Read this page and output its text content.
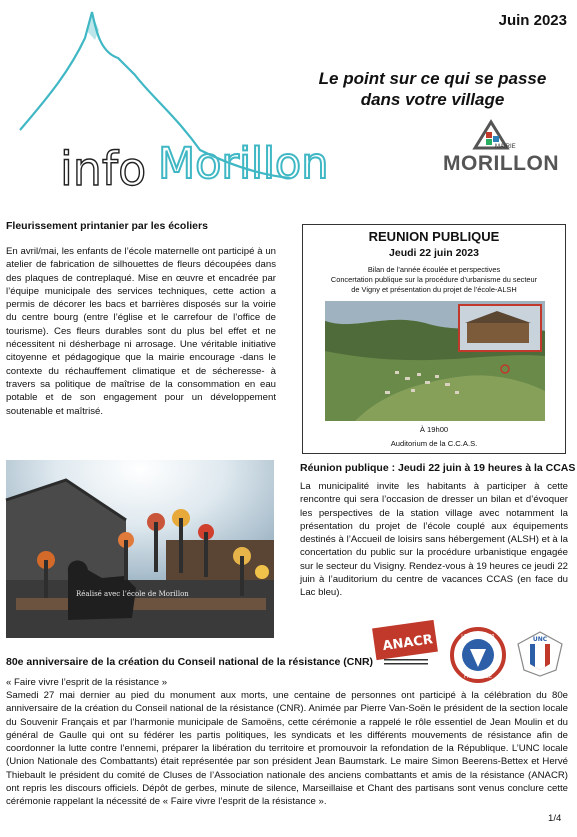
info Morillon
Juin 2023
Le point sur ce qui se passe dans votre village
MAIRIE
MORILLON
Fleurissement printanier par les écoliers

En avril/mai, les enfants de l’école maternelle ont participé à un atelier de fabrication de silhouettes de fleurs découpées dans des plaques de contreplaqué. Mise en œuvre et encadrée par l’équipe municipale des services techniques, cette action a permis de décorer les bacs et barrières disposés sur la voirie du centre bourg (entre l’église et le carrefour de l’office de tourisme). Ces fleurs durables sont du plus bel effet et ne nécessitent ni désherbage ni arrosage. Une véritable initiative citoyenne et pédagogique que la mairie encourage -dans le contexte du réchauffement climatique et de sécheresse- à travers sa politique de maîtrise de la consommation en eau potable et de son engagement pour un développement soutenable et maîtrisé.

Réalisé avec l’école de Morillon
REUNION PUBLIQUE
Jeudi 22 juin 2023
Bilan de l’année écoulée et perspectives
Concertation publique sur la procédure d’urbanisme du secteur
de Vigny et présentation du projet de l’école-ALSH
À 19h00
Auditorium de la C.C.A.S.
Réunion publique : Jeudi 22 juin à 19 heures à la CCAS

La municipalité invite les habitants à participer à cette rencontre qui sera l’occasion de dresser un bilan et d’évoquer les perspectives de la station village avec notamment la présentation du projet de l’école couplé aux équipements destinés à l’Accueil de loisirs sans hébergement (ALSH) et à la concertation du public sur la procédure urbanistique engagée sur le secteur du Visigny. Rendez-vous à 19 heures ce jeudi 22 juin à l’auditorium du centre de vacances CCAS (en face du Lac bleu).

ANACR	LE SOUVENIR
FRANÇAISE
UNC
80e anniversaire de la création du Conseil national de la résistance (CNR)
« Faire vivre l’esprit de la résistance »

Samedi 27 mai dernier au pied du monument aux morts, une centaine de personnes ont participé à la célébration du 80e anniversaire de la création du Conseil national de la résistance (CNR). Animée par Pierre Van-Soën le président de la section locale du Souvenir Français et par l’harmonie municipale de Samoëns, cette cérémonie a rappelé le rôle essentiel de Jean Moulin et du général de Gaulle qui ont su fédérer les partis politiques, les syndicats et les différents mouvements de résistance afin de coordonner la lutte contre l’ennemi, préparer la libération du territoire et promouvoir la refondation de la République. L’UNC locale (Union Nationale des Combattants) était représentée par son président Jean Baumstark. Le maire Simon Beerens-Bettex et Hervé Thiebault le président du comité de Cluses de l’Association nationale des anciens combattants et amis de la résistance (ANACR) ont repris les discours officiels. Dépôt de gerbes, minute de silence, Marseillaise et Chant des partisans sont venus conclure cette cérémonie rappelant la nécessité de « Faire vivre l’esprit de la résistance ».

1/4
